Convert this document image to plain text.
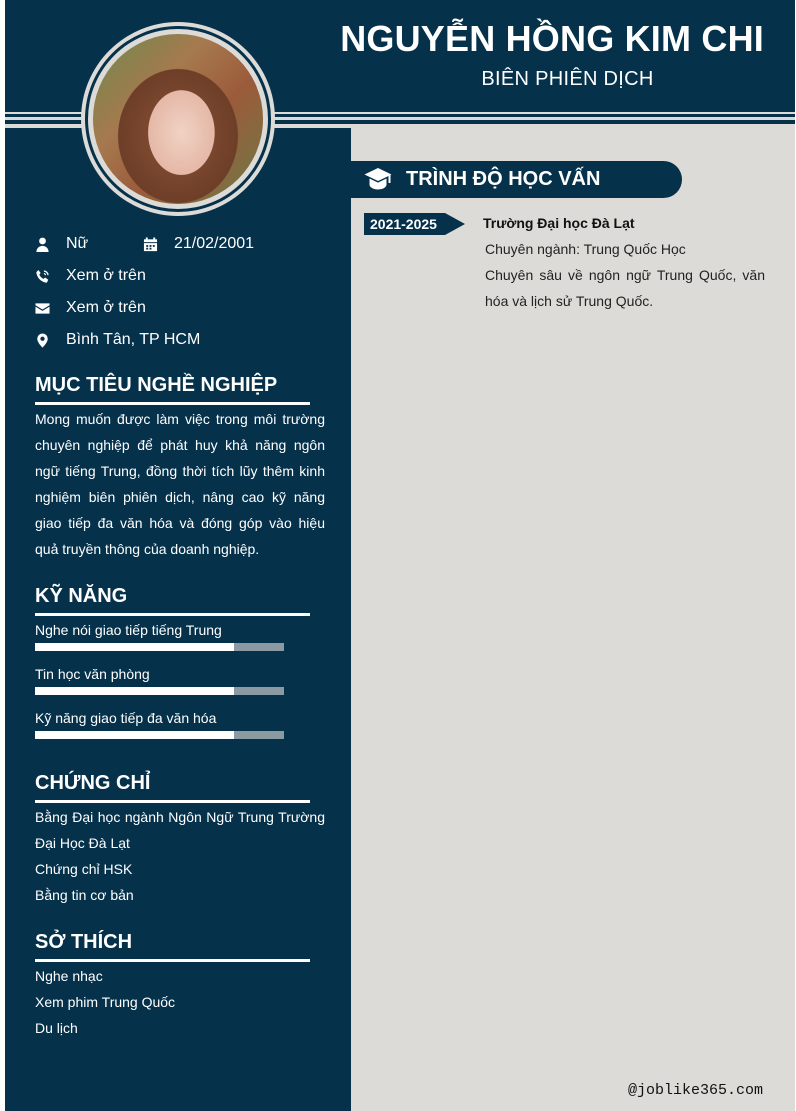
NGUYỄN HỒNG KIM CHI
BIÊN PHIÊN DỊCH
Nữ	21/02/2001
Xem ở trên
Xem ở trên
Bình Tân, TP HCM
MỤC TIÊU NGHỀ NGHIỆP
Mong muốn được làm việc trong môi trường chuyên nghiệp để phát huy khả năng ngôn ngữ tiếng Trung, đồng thời tích lũy thêm kinh nghiệm biên phiên dịch, nâng cao kỹ năng giao tiếp đa văn hóa và đóng góp vào hiệu quả truyền thông của doanh nghiệp.
KỸ NĂNG
Nghe nói giao tiếp tiếng Trung
Tin học văn phòng
Kỹ năng giao tiếp đa văn hóa
CHỨNG CHỈ
Bằng Đại học ngành Ngôn Ngữ Trung Trường Đại Học Đà Lạt
Chứng chỉ HSK
Bằng tin cơ bản
SỞ THÍCH
Nghe nhạc
Xem phim Trung Quốc
Du lịch
TRÌNH ĐỘ HỌC VẤN
2021-2025	Trường Đại học Đà Lạt

Chuyên ngành: Trung Quốc Học

Chuyên sâu về ngôn ngữ Trung Quốc, văn hóa và lịch sử Trung Quốc.

@joblike365.com
